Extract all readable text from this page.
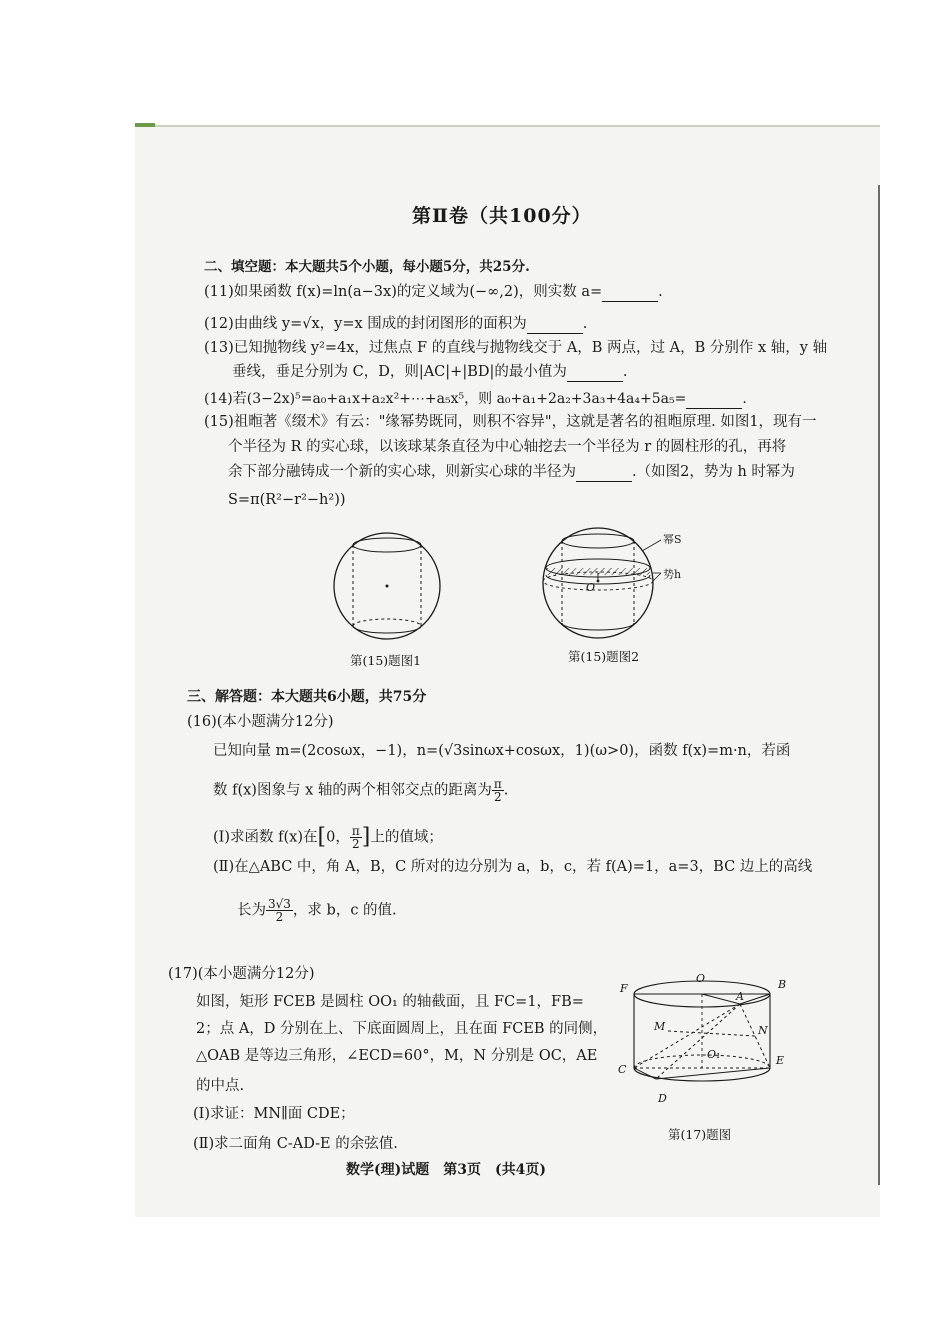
第Ⅱ卷（共100分）
二、填空题：本大题共5个小题，每小题5分，共25分.
(11)如果函数 f(x)=ln(a−3x)的定义域为(−∞,2)，则实数 a=	.
(12)由曲线 y=√x，y=x 围成的封闭图形的面积为	.
(13)已知抛物线 y²=4x，过焦点 F 的直线与抛物线交于 A，B 两点，过 A，B 分别作 x 轴，y 轴
垂线，垂足分别为 C，D，则|AC|+|BD|的最小值为	.
(14)若(3−2x)⁵=a₀+a₁x+a₂x²+⋯+a₅x⁵，则 a₀+a₁+2a₂+3a₃+4a₄+5a₅=	.
(15)祖暅著《缀术》有云："缘幂势既同，则积不容异"，这就是著名的祖暅原理. 如图1，现有一
个半径为 R 的实心球，以该球某条直径为中心轴挖去一个半径为 r 的圆柱形的孔，再将
余下部分融铸成一个新的实心球，则新实心球的半径为	.（如图2，势为 h 时幂为
S=π(R²−r²−h²))
第(15)题图1
O
幂S
势h
第(15)题图2
三、解答题：本大题共6小题，共75分
(16)(本小题满分12分)
已知向量 m=(2cosωx，−1)，n=(√3sinωx+cosωx，1)(ω>0)，函数 f(x)=m·n，若函
数 f(x)图象与 x 轴的两个相邻交点的距离为 $\frac{\pi}{2}$ .
(Ⅰ)求函数 f(x)在[0， $\frac{\pi}{2}$ ]上的值域；
(Ⅱ)在△ABC 中，角 A，B，C 所对的边分别为 a，b，c，若 f(A)=1，a=3，BC 边上的高线
长为 $\frac{3√3}{2}$ ，求 b，c 的值.
(17)(本小题满分12分)
如图，矩形 FCEB 是圆柱 OO₁ 的轴截面，且 FC=1，FB=
2；点 A，D 分别在上、下底面圆周上，且在面 FCEB 的同侧，
△OAB 是等边三角形，∠ECD=60°，M，N 分别是 OC，AE
的中点.
(Ⅰ)求证：MN∥面 CDE；
(Ⅱ)求二面角 C-AD-E 的余弦值.
F
O	B
A
M	N
O₁
C
E
D
第(17)题图
数学(理)试题　第3页　(共4页)
